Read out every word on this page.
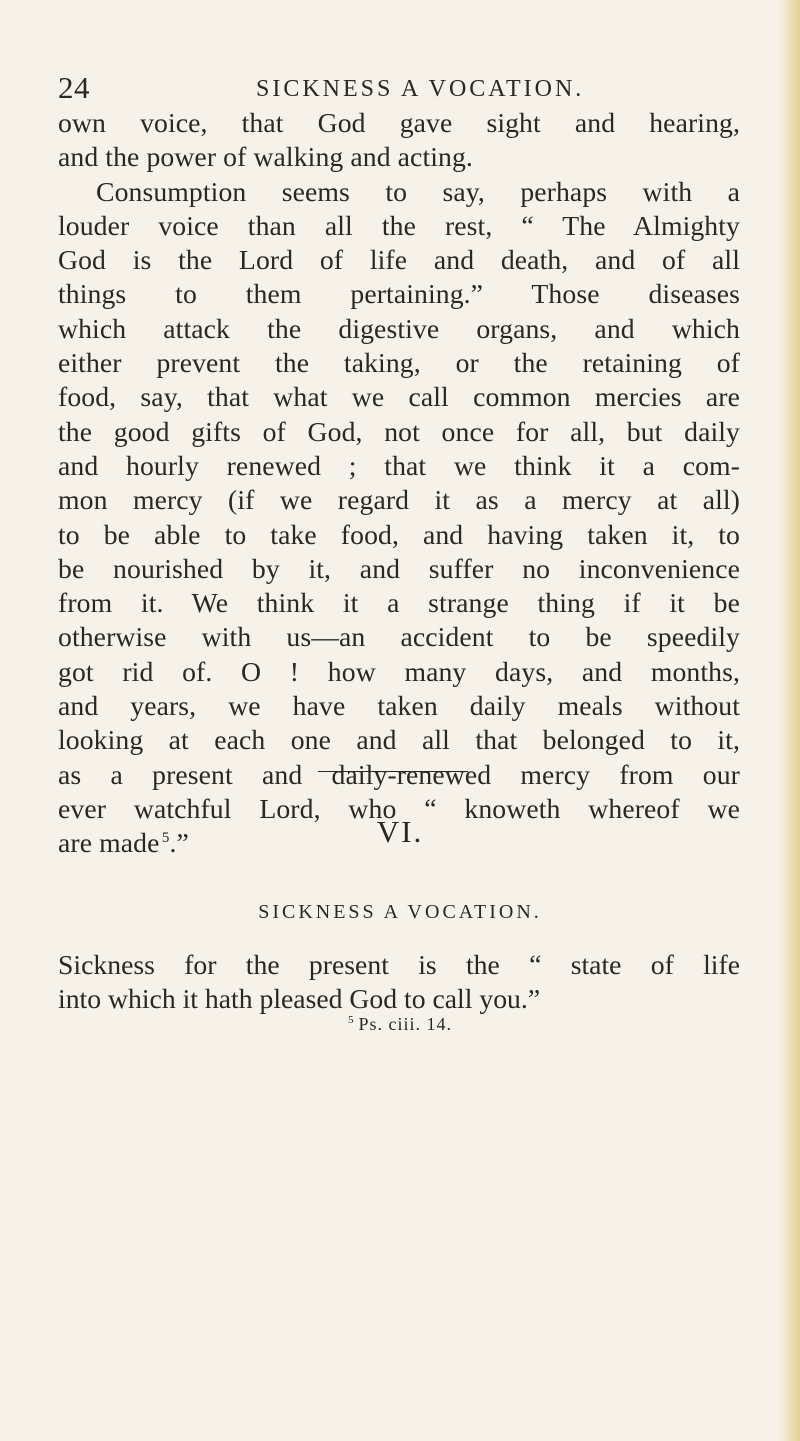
24	SICKNESS A VOCATION.
own voice, that God gave sight and hearing,
and the power of walking and acting.
Consumption seems to say, perhaps with a
louder voice than all the rest, “ The Almighty
God is the Lord of life and death, and of all
things to them pertaining.” Those diseases
which attack the digestive organs, and which
either prevent the taking, or the retaining of
food, say, that what we call common mercies are
the good gifts of God, not once for all, but daily
and hourly renewed ; that we think it a com-
mon mercy (if we regard it as a mercy at all)
to be able to take food, and having taken it, to
be nourished by it, and suffer no inconvenience
from it. We think it a strange thing if it be
otherwise with us—an accident to be speedily
got rid of. O ! how many days, and months,
and years, we have taken daily meals without
looking at each one and all that belonged to it,
as a present and daily-renewed mercy from our
ever watchful Lord, who “ knoweth whereof we
are made  $^5$.”	VI.
SICKNESS A VOCATION.
Sickness for the present is the “ state of life
into which it hath pleased God to call you.”
$^5$ Ps. ciii. 14.
